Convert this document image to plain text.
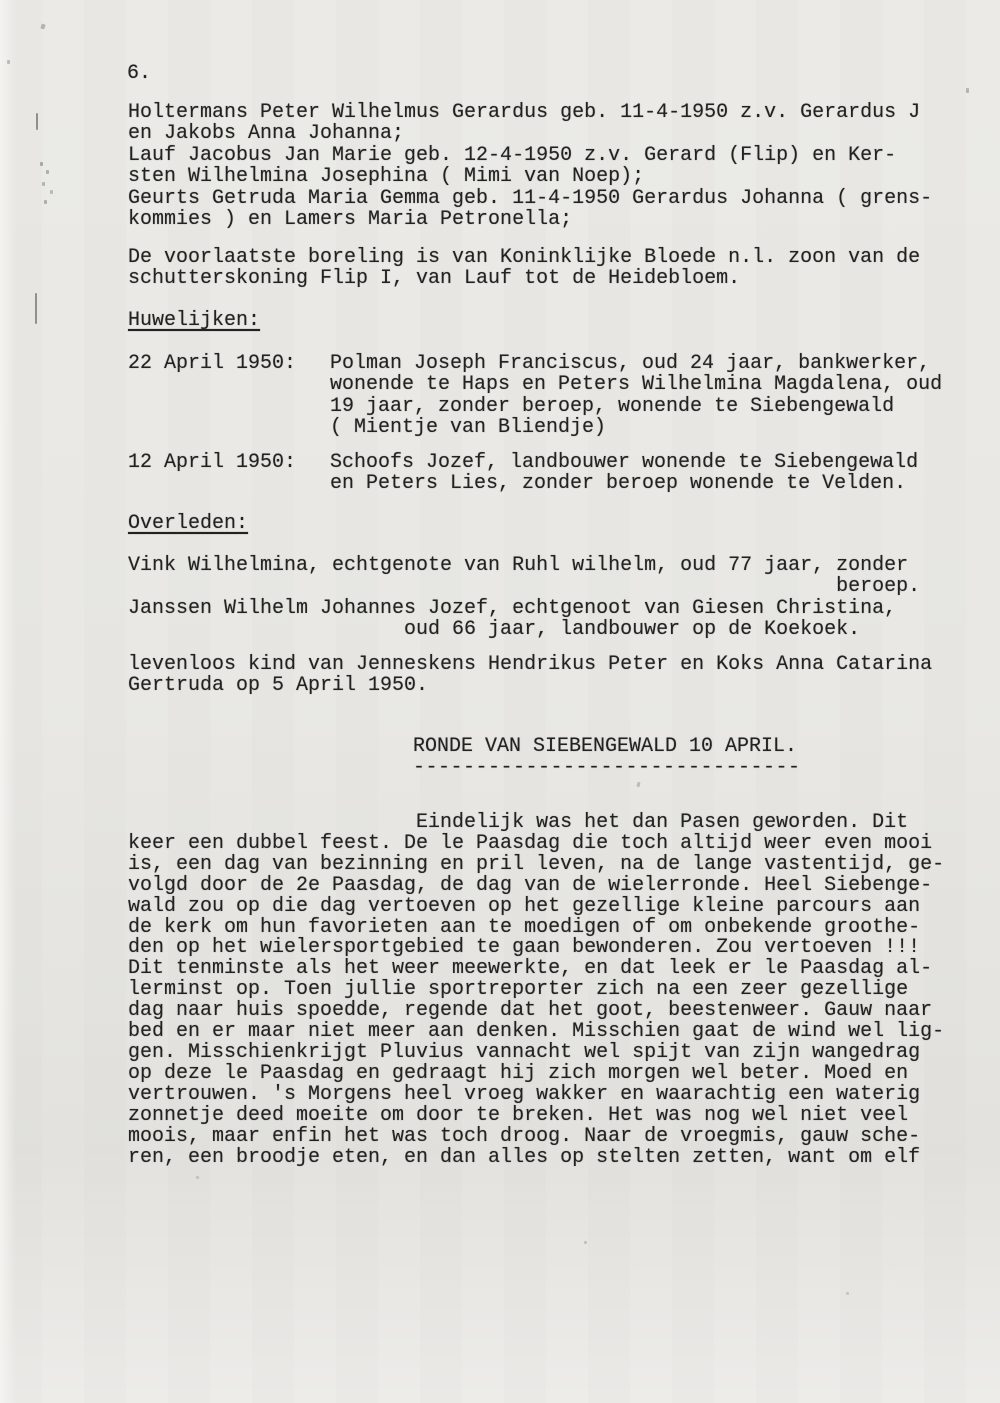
6.
Holtermans Peter Wilhelmus Gerardus geb. 11-4-1950 z.v. Gerardus J
en Jakobs Anna Johanna;
Lauf Jacobus Jan Marie geb. 12-4-1950 z.v. Gerard (Flip) en Ker-
sten Wilhelmina Josephina ( Mimi van Noep);
Geurts Getruda Maria Gemma geb. 11-4-1950 Gerardus Johanna ( grens-
kommies ) en Lamers Maria Petronella;
De voorlaatste boreling is van Koninklijke Bloede n.l. zoon van de
schutterskoning Flip I, van Lauf tot de Heidebloem.
Huwelijken:
22 April 1950:	Polman Joseph Franciscus, oud 24 jaar, bankwerker,
wonende te Haps en Peters Wilhelmina Magdalena, oud
19 jaar, zonder beroep, wonende te Siebengewald
( Mientje van Bliendje)
12 April 1950:	Schoofs Jozef, landbouwer wonende te Siebengewald
en Peters Lies, zonder beroep wonende te Velden.
Overleden:
Vink Wilhelmina, echtgenote van Ruhl wilhelm, oud 77 jaar, zonder
beroep.
Janssen Wilhelm Johannes Jozef, echtgenoot van Giesen Christina,
oud 66 jaar, landbouwer op de Koekoek.
levenloos kind van Jenneskens Hendrikus Peter en Koks Anna Catarina
Gertruda op 5 April 1950.
RONDE VAN SIEBENGEWALD 10 APRIL.
-------------------------------
Eindelijk was het dan Pasen geworden. Dit
keer een dubbel feest. De le Paasdag die toch altijd weer even mooi
is, een dag van bezinning en pril leven, na de lange vastentijd, ge-
volgd door de 2e Paasdag, de dag van de wielerronde. Heel Siebenge-
wald zou op die dag vertoeven op het gezellige kleine parcours aan
de kerk om hun favorieten aan te moedigen of om onbekende groothe-
den op het wielersportgebied te gaan bewonderen. Zou vertoeven !!!
Dit tenminste als het weer meewerkte, en dat leek er le Paasdag al-
lerminst op. Toen jullie sportreporter zich na een zeer gezellige
dag naar huis spoedde, regende dat het goot, beestenweer. Gauw naar
bed en er maar niet meer aan denken. Misschien gaat de wind wel lig-
gen. Misschienkrijgt Pluvius vannacht wel spijt van zijn wangedrag
op deze le Paasdag en gedraagt hij zich morgen wel beter. Moed en
vertrouwen. 's Morgens heel vroeg wakker en waarachtig een waterig
zonnetje deed moeite om door te breken. Het was nog wel niet veel
moois, maar enfin het was toch droog. Naar de vroegmis, gauw sche-
ren, een broodje eten, en dan alles op stelten zetten, want om elf
